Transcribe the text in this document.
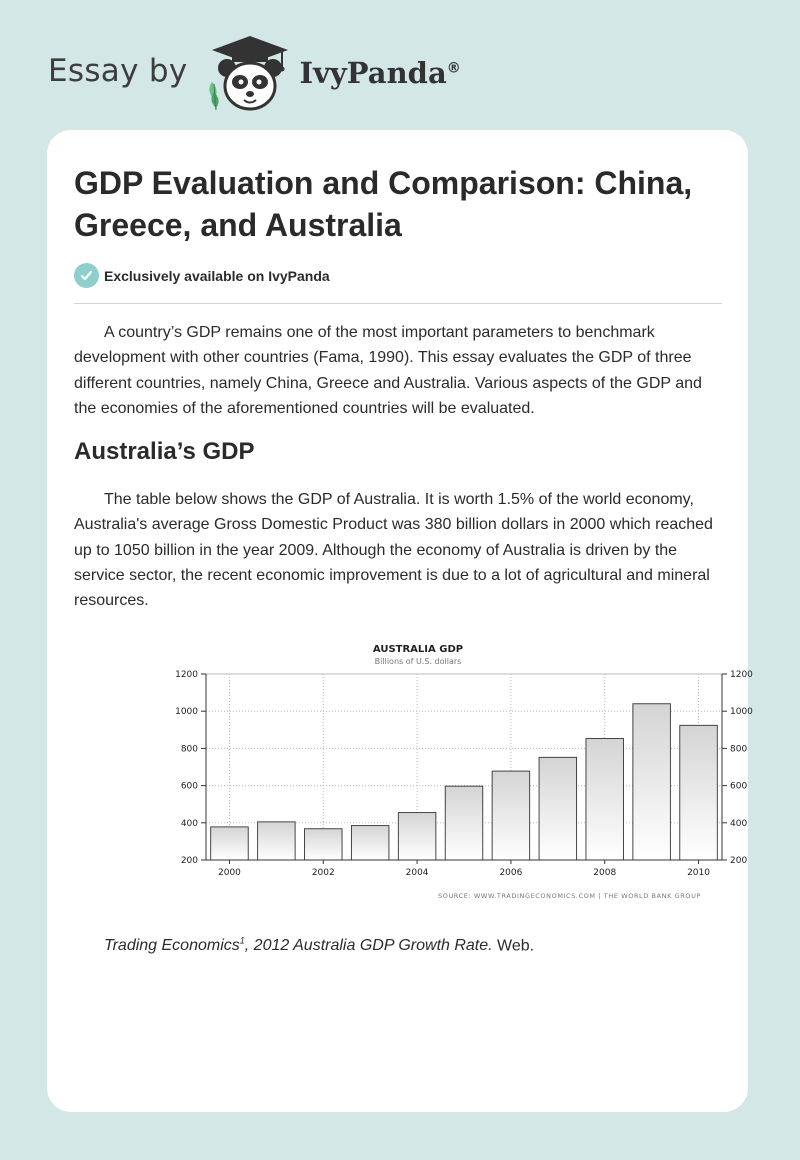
Essay by	IvyPanda®
GDP Evaluation and Comparison: China, Greece, and Australia
Exclusively available on IvyPanda

A country’s GDP remains one of the most important parameters to benchmark development with other countries (Fama, 1990). This essay evaluates the GDP of three different countries, namely China, Greece and Australia. Various aspects of the GDP and the economies of the aforementioned countries will be evaluated.

Australia’s GDP

The table below shows the GDP of Australia. It is worth 1.5% of the world economy, Australia's average Gross Domestic Product was 380 billion dollars in 2000 which reached up to 1050 billion in the year 2009. Although the economy of Australia is driven by the service sector, the recent economic improvement is due to a lot of agricultural and mineral resources.

AUSTRALIA GDP
Billions of U.S. dollars
200	200
400	400
600	600
800	800
1000	1000
1200	1200
2000	2002	2004	2006	2008	2010
SOURCE: WWW.TRADINGECONOMICS.COM | THE WORLD BANK GROUP

Trading Economics$^1$, 2012 Australia GDP Growth Rate. Web.
